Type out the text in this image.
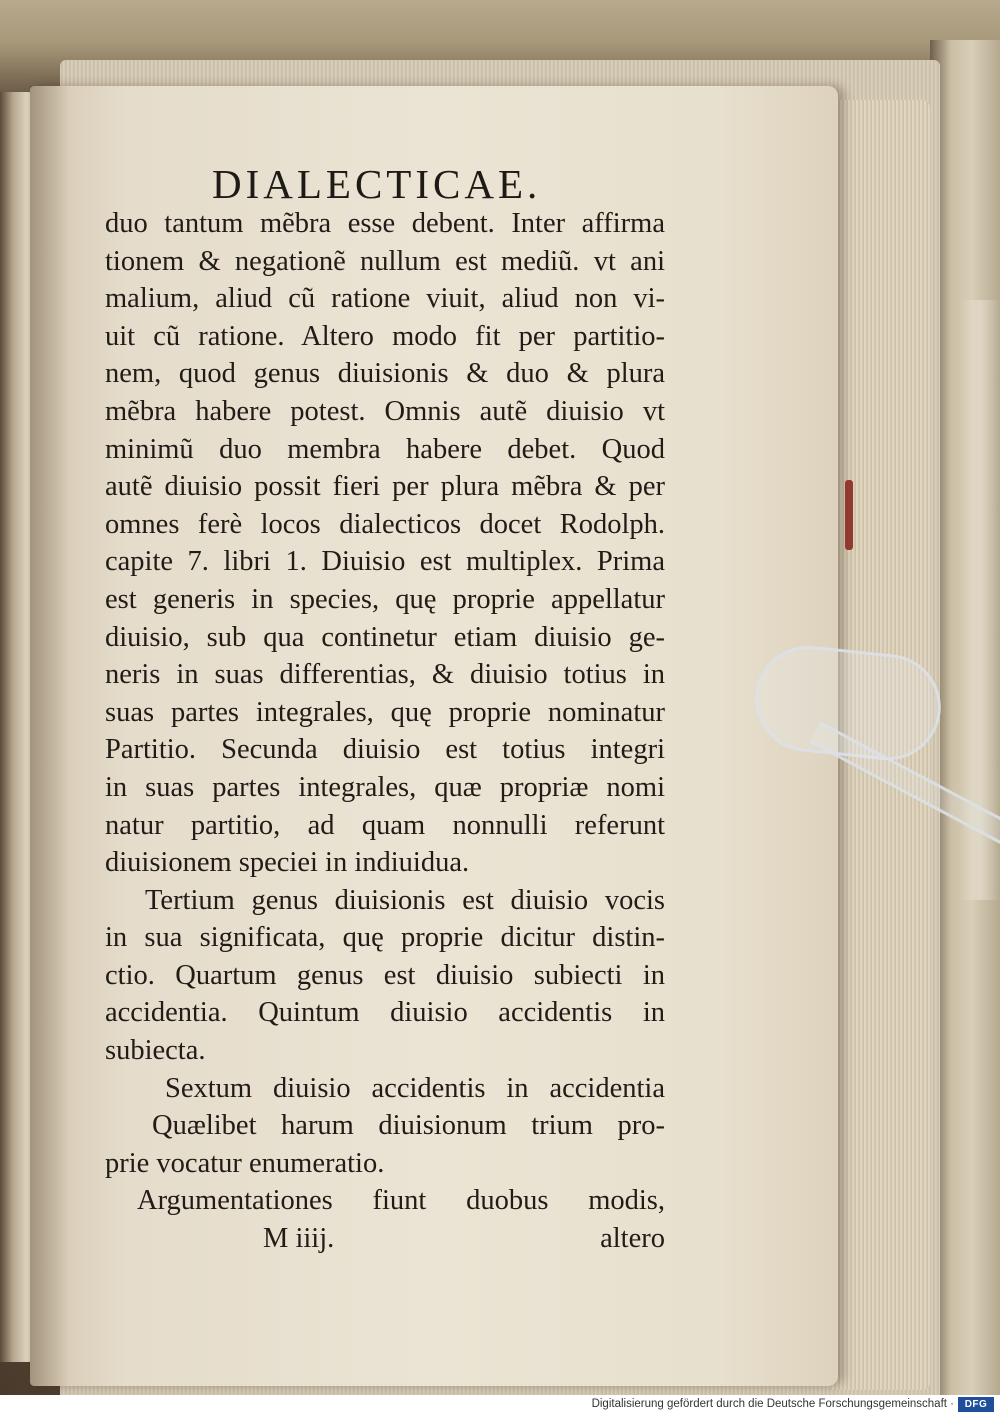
DIALECTICAE.
duo tantum mẽbra esse debent. Inter affirma
tionem & negationẽ nullum est mediũ. vt ani
malium, aliud cũ ratione viuit, aliud non vi-
uit cũ ratione. Altero modo fit per partitio-
nem, quod genus diuisionis & duo & plura
mẽbra habere potest. Omnis autẽ diuisio vt
minimũ duo membra habere debet. Quod
autẽ diuisio possit fieri per plura mẽbra & per
omnes ferè locos dialecticos docet Rodolph.
capite 7. libri 1. Diuisio est multiplex. Prima
est generis in species, quę proprie appellatur
diuisio, sub qua continetur etiam diuisio ge-
neris in suas differentias, & diuisio totius in
suas partes integrales, quę proprie nominatur
Partitio. Secunda diuisio est totius integri
in suas partes integrales, quæ propriæ nomi
natur partitio, ad quam nonnulli referunt
diuisionem speciei in indiuidua.
Tertium genus diuisionis est diuisio vocis
in sua significata, quę proprie dicitur distin-
ctio. Quartum genus est diuisio subiecti in
accidentia. Quintum diuisio accidentis in
subiecta.
Sextum diuisio accidentis in accidentia
Quælibet harum diuisionum trium pro-
prie vocatur enumeratio.
Argumentationes fiunt duobus modis,
M iiij.	altero
Digitalisierung gefördert durch die Deutsche Forschungsgemeinschaft ·	DFG
